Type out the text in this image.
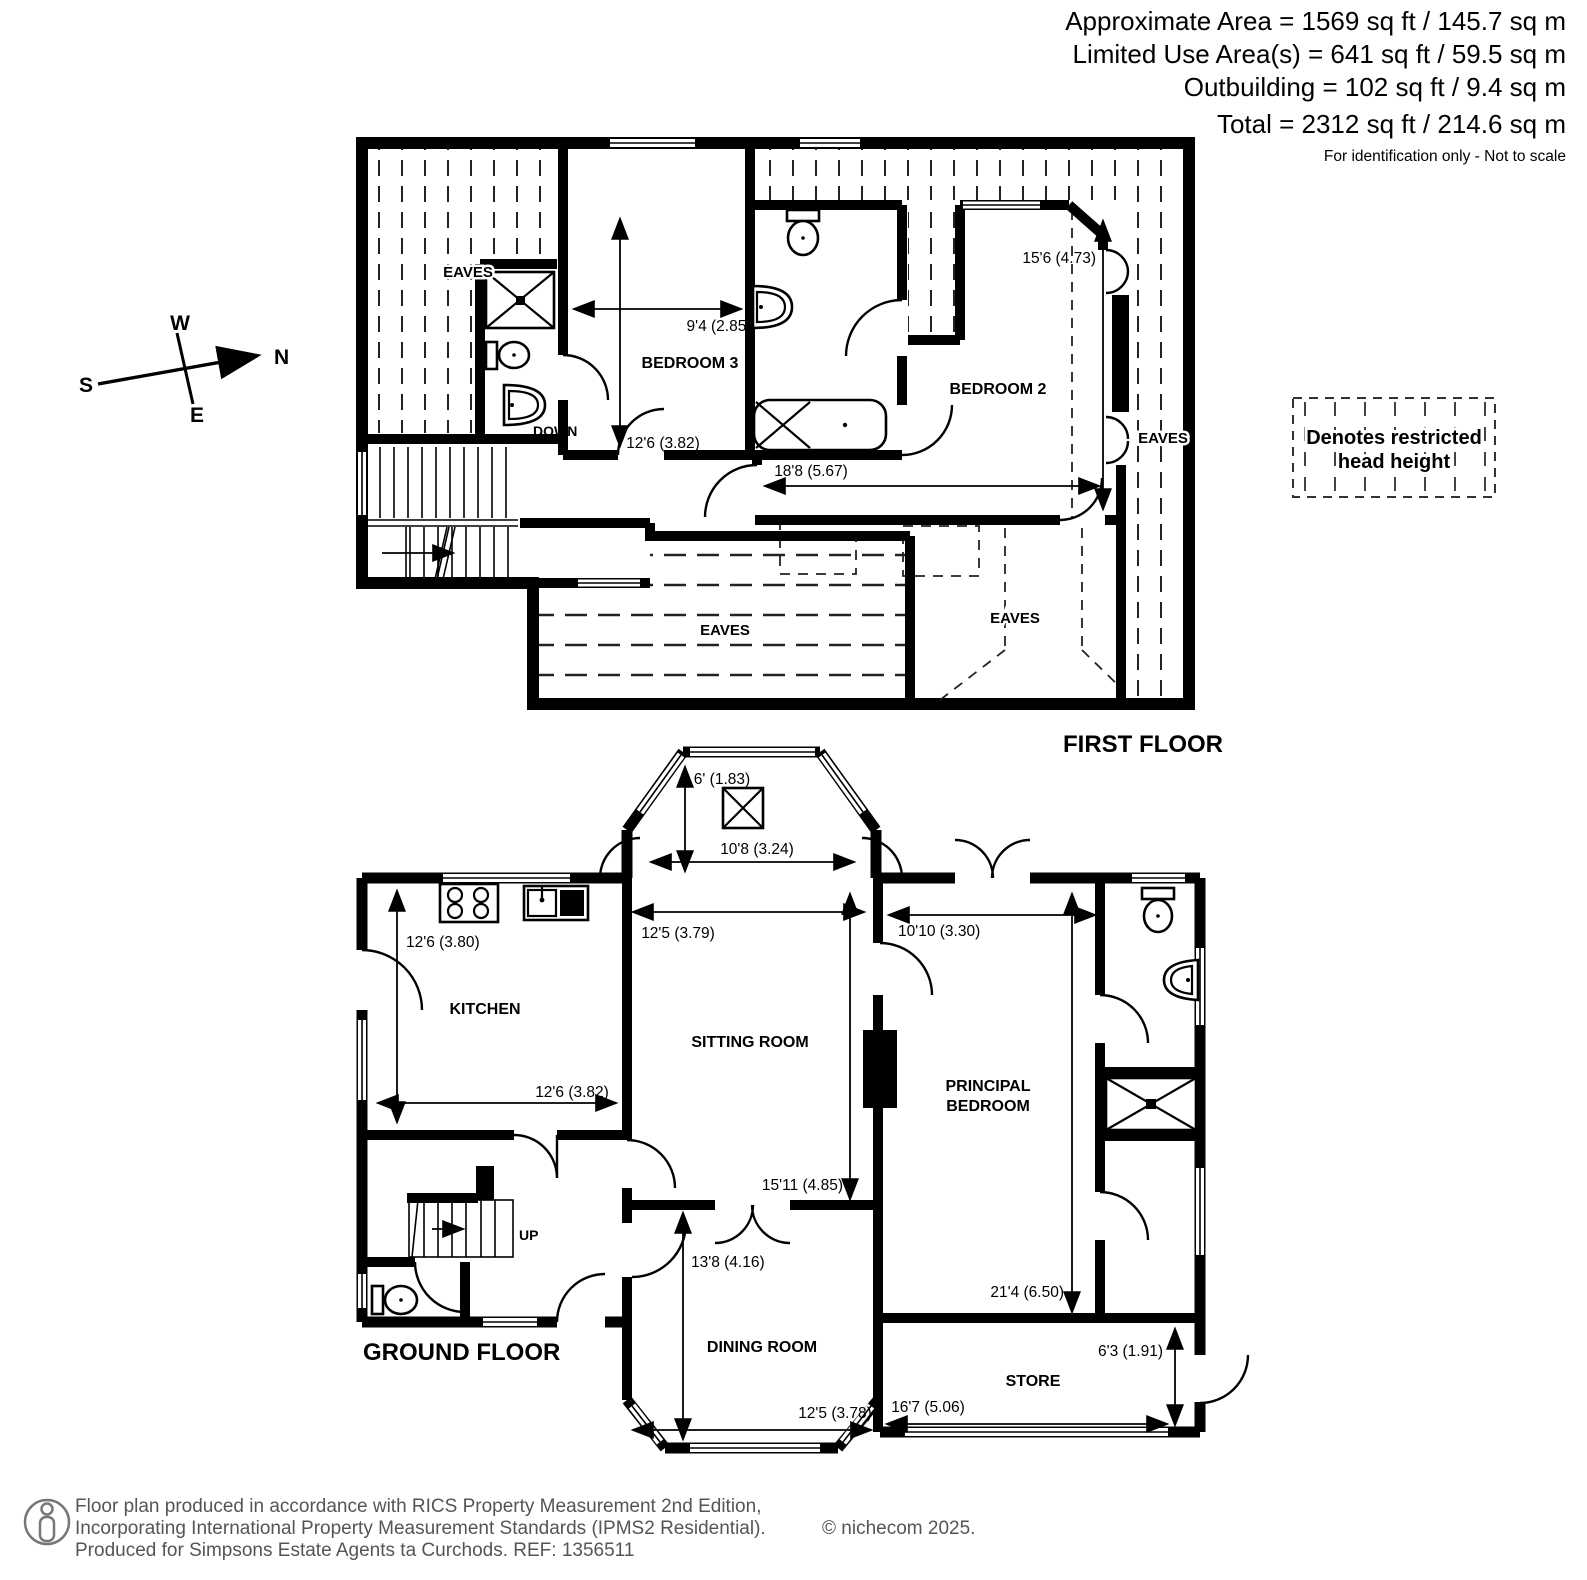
Approximate Area = 1569 sq ft / 145.7 sq m
Limited Use Area(s) = 641 sq ft / 59.5 sq m
Outbuilding = 102 sq ft / 9.4 sq m
Total = 2312 sq ft / 214.6 sq m
For identification only - Not to scale
W
N
S
E
Denotes restricted
head height
9'4 (2.85)
12'6 (3.82)
18'8 (5.67)
15'6 (4.73)
BEDROOM 3
BEDROOM 2
EAVES
EAVES
EAVES
EAVES
DOWN
FIRST FLOOR
6' (1.83)
10'8 (3.24)
12'6 (3.80)
12'6 (3.82)
12'5 (3.79)
15'11 (4.85)
10'10 (3.30)
21'4 (6.50)
13'8 (4.16)
12'5 (3.78)
6'3 (1.91)
16'7 (5.06)
KITCHEN
SITTING ROOM
PRINCIPAL
BEDROOM
DINING ROOM
STORE
UP
GROUND FLOOR
Floor plan produced in accordance with RICS Property Measurement 2nd Edition,
Incorporating International Property Measurement Standards (IPMS2 Residential).	© nichecom 2025.
Produced for Simpsons Estate Agents ta Curchods. REF: 1356511
